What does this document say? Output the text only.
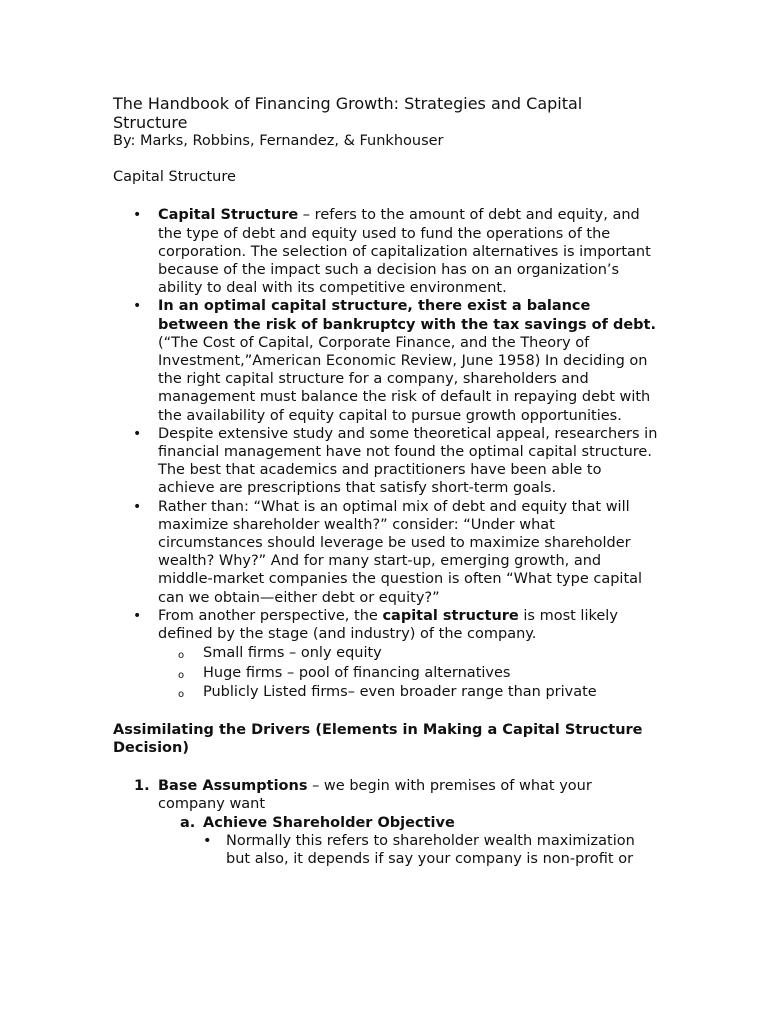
The Handbook of Financing Growth: Strategies and Capital Structure

By: Marks, Robbins, Fernandez, & Funkhouser

Capital Structure

• Capital Structure – refers to the amount of debt and equity, and the type of debt and equity used to fund the operations of the corporation. The selection of capitalization alternatives is important because of the impact such a decision has on an organization’s ability to deal with its competitive environment.
• In an optimal capital structure, there exist a balance between the risk of bankruptcy with the tax savings of debt. (“The Cost of Capital, Corporate Finance, and the Theory of Investment,”American Economic Review, June 1958) In deciding on the right capital structure for a company, shareholders and management must balance the risk of default in repaying debt with the availability of equity capital to pursue growth opportunities.
• Despite extensive study and some theoretical appeal, researchers in financial management have not found the optimal capital structure. The best that academics and practitioners have been able to achieve are prescriptions that satisfy short-term goals.
• Rather than: “What is an optimal mix of debt and equity that will maximize shareholder wealth?” consider: “Under what circumstances should leverage be used to maximize shareholder wealth? Why?” And for many start-up, emerging growth, and middle-market companies the question is often “What type capital can we obtain—either debt or equity?”
• From another perspective, the capital structure is most likely defined by the stage (and industry) of the company.
o Small firms – only equity
o Huge firms – pool of financing alternatives
o Publicly Listed firms– even broader range than private

Assimilating the Drivers (Elements in Making a Capital Structure Decision)

1. Base Assumptions – we begin with premises of what your company want
a. Achieve Shareholder Objective
• Normally this refers to shareholder wealth maximization but also, it depends if say your company is non-profit or
